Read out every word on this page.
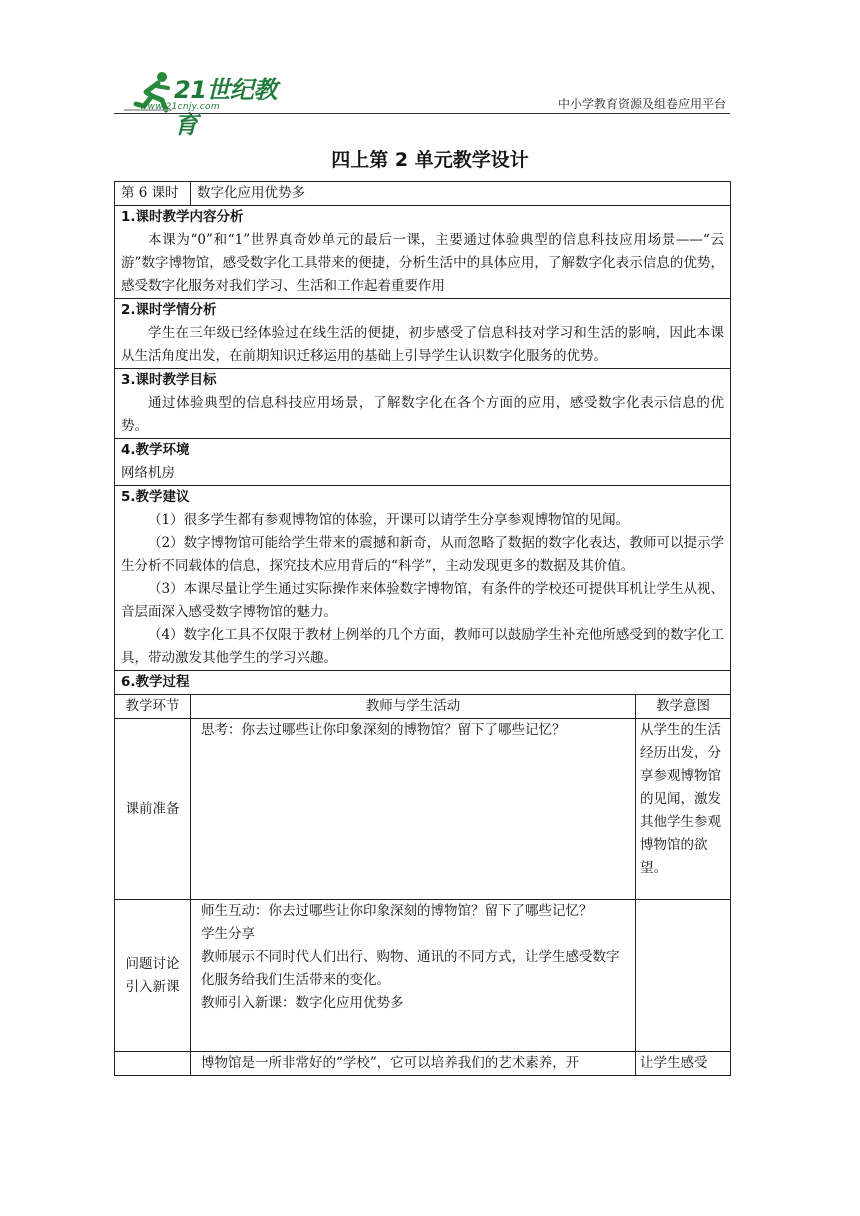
21世纪教育
www.21cnjy.com	中小学教育资源及组卷应用平台
四上第 2 单元教学设计
第 6 课时	数字化应用优势多	

1.课时教学内容分析

本课为“0”和“1”世界真奇妙单元的最后一课，主要通过体验典型的信息科技应用场景——“云游”数字博物馆，感受数字化工具带来的便捷，分析生活中的具体应用，了解数字化表示信息的优势，感受数字化服务对我们学习、生活和工作起着重要作用		

2.课时学情分析

学生在三年级已经体验过在线生活的便捷，初步感受了信息科技对学习和生活的影响，因此本课从生活角度出发，在前期知识迁移运用的基础上引导学生认识数字化服务的优势。		

3.课时教学目标

通过体验典型的信息科技应用场景，了解数字化在各个方面的应用，感受数字化表示信息的优势。		

4.教学环境

网络机房		

5.教学建议

（1）很多学生都有参观博物馆的体验，开课可以请学生分享参观博物馆的见闻。

（2）数字博物馆可能给学生带来的震撼和新奇，从而忽略了数据的数字化表达，教师可以提示学生分析不同载体的信息，探究技术应用背后的“科学”，主动发现更多的数据及其价值。

（3）本课尽量让学生通过实际操作来体验数字博物馆，有条件的学校还可提供耳机让学生从视、音层面深入感受数字博物馆的魅力。

（4）数字化工具不仅限于教材上例举的几个方面，教师可以鼓励学生补充他所感受到的数字化工具，带动激发其他学生的学习兴趣。		

6.教学过程		

教学环节	教师与学生活动	教学意图
课前准备	思考：你去过哪些让你印象深刻的博物馆？留下了哪些记忆？	从学生的生活经历出发，分享参观博物馆的见闻，激发其他学生参观博物馆的欲望。
问题讨论引入新课	师生互动：你去过哪些让你印象深刻的博物馆？留下了哪些记忆？

学生分享

教师展示不同时代人们出行、购物、通讯的不同方式，让学生感受数字化服务给我们生活带来的变化。

教师引入新课：数字化应用优势多	

	博物馆是一所非常好的“学校”，它可以培养我们的艺术素养，开	让学生感受
